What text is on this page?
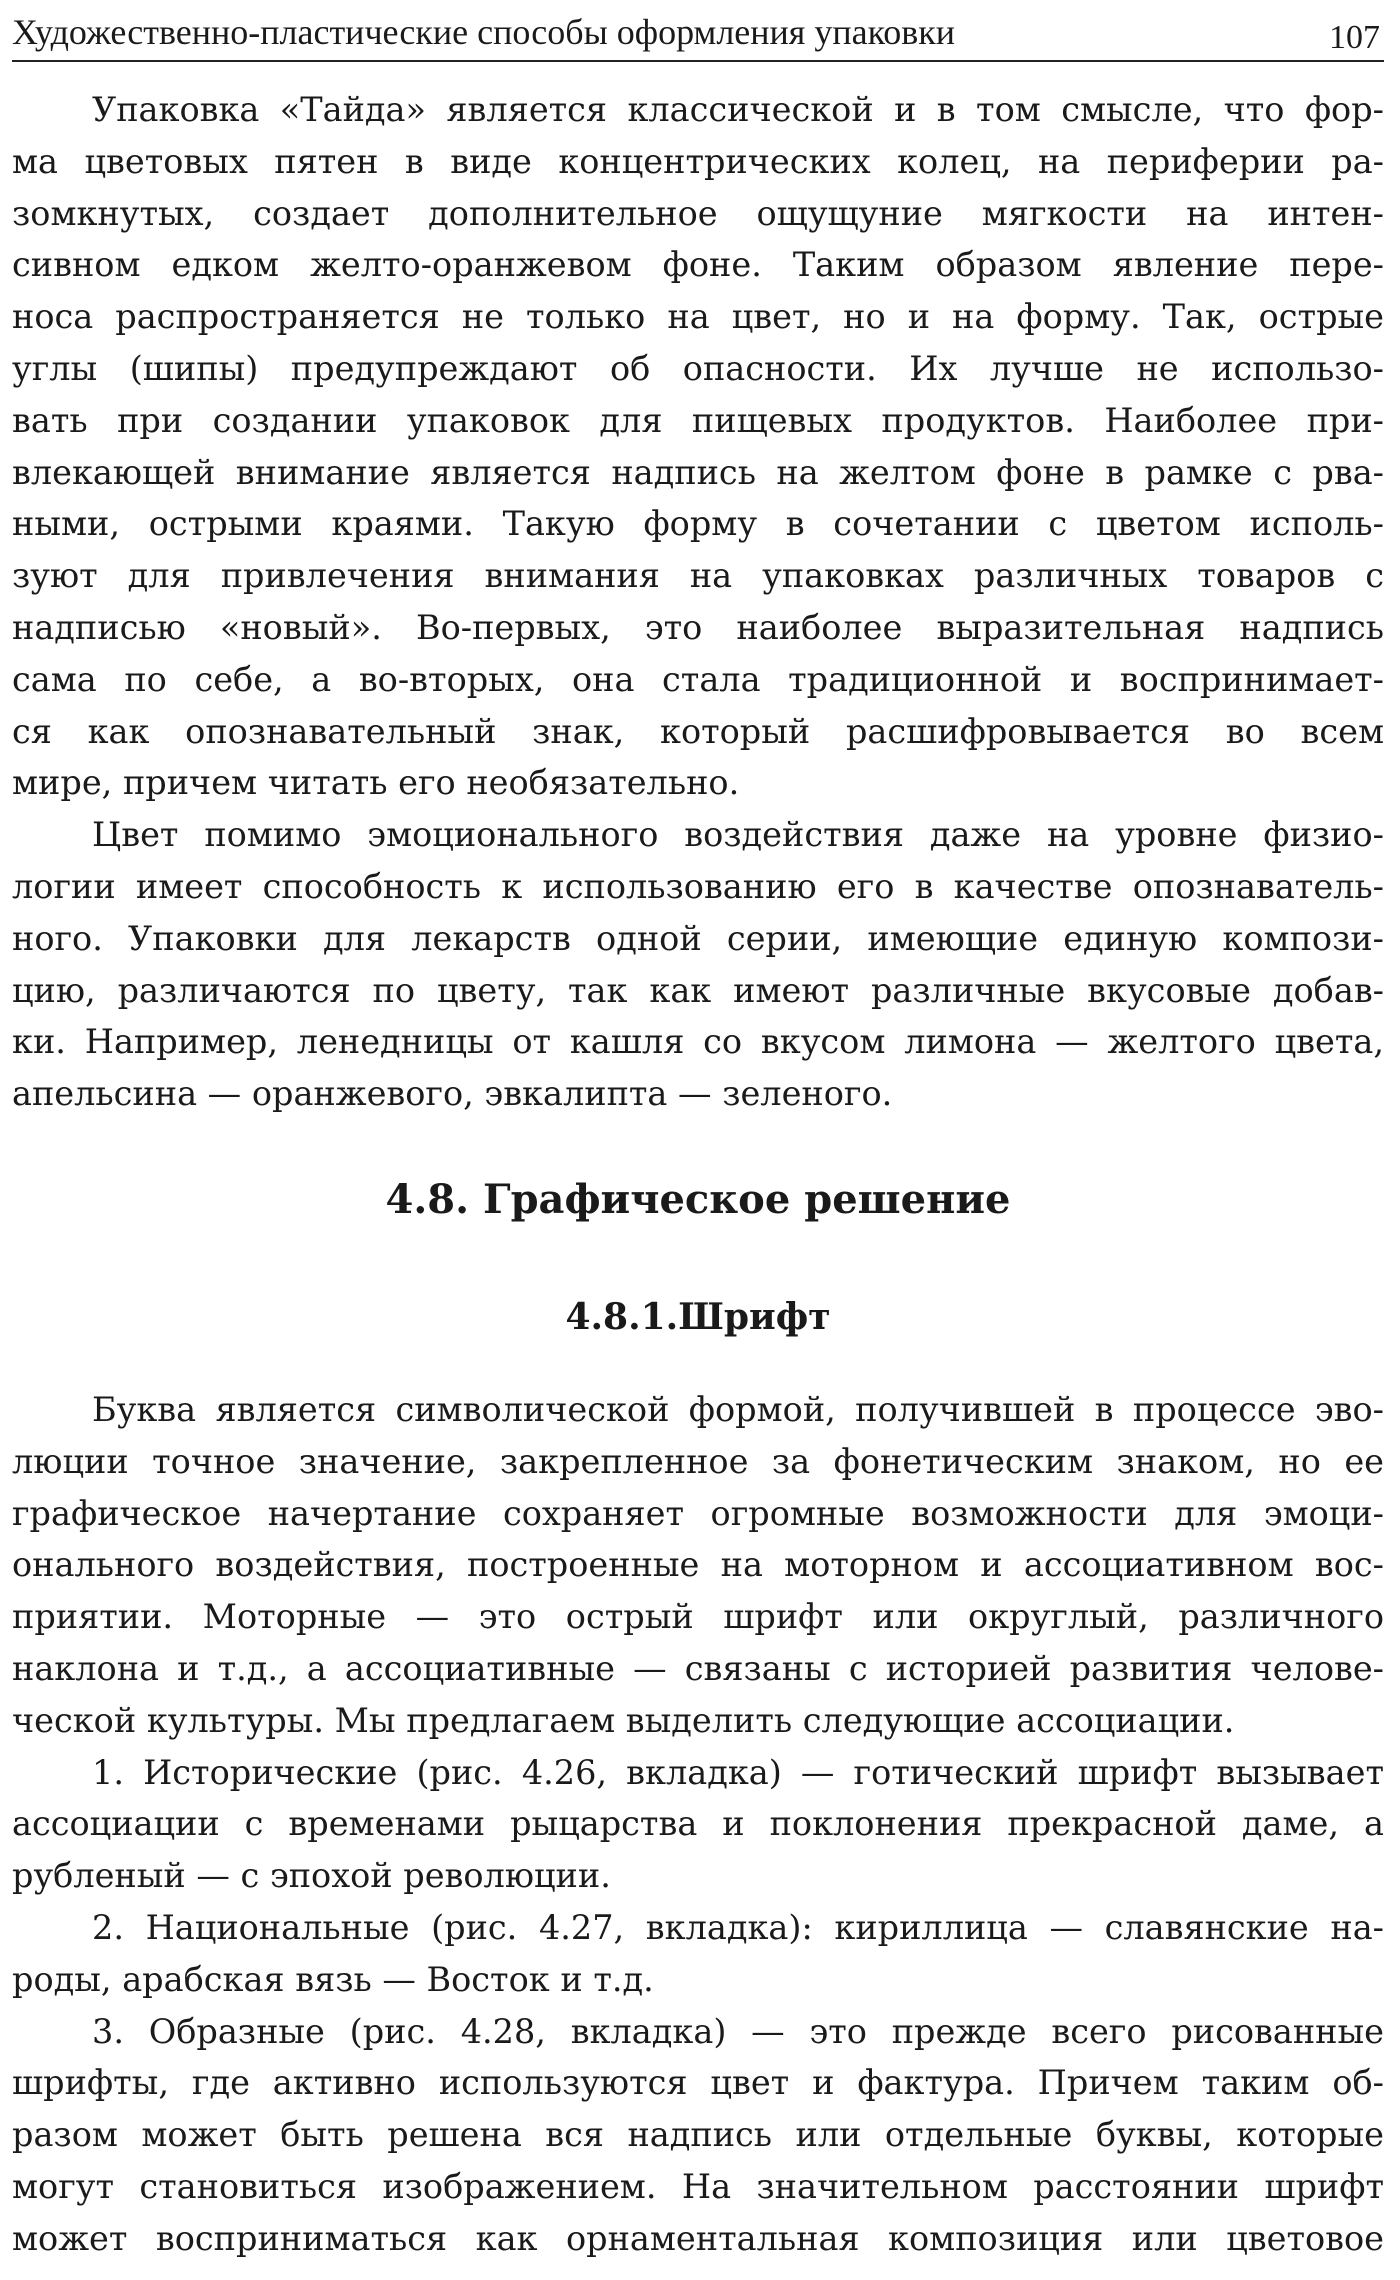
Художественно-пластические способы оформления упаковки	107
Упаковка «Тайда» является классической и в том смысле, что фор-
ма цветовых пятен в виде концентрических колец, на периферии ра-
зомкнутых, создает дополнительное ощущуние мягкости на интен-
сивном едком желто-оранжевом фоне. Таким образом явление пере-
носа распространяется не только на цвет, но и на форму. Так, острые
углы (шипы) предупреждают об опасности. Их лучше не использо-
вать при создании упаковок для пищевых продуктов. Наиболее при-
влекающей внимание является надпись на желтом фоне в рамке с рва-
ными, острыми краями. Такую форму в сочетании с цветом исполь-
зуют для привлечения внимания на упаковках различных товаров с
надписью «новый». Во-первых, это наиболее выразительная надпись
сама по себе, а во-вторых, она стала традиционной и воспринимает-
ся как опознавательный знак, который расшифровывается во всем
мире, причем читать его необязательно.
Цвет помимо эмоционального воздействия даже на уровне физио-
логии имеет способность к использованию его в качестве опознаватель-
ного. Упаковки для лекарств одной серии, имеющие единую компози-
цию, различаются по цвету, так как имеют различные вкусовые добав-
ки. Например, ленедницы от кашля со вкусом лимона — желтого цвета,
апельсина — оранжевого, эвкалипта — зеленого.
4.8. Графическое решение
4.8.1.Шрифт
Буква является символической формой, получившей в процессе эво-
люции точное значение, закрепленное за фонетическим знаком, но ее
графическое начертание сохраняет огромные возможности для эмоци-
онального воздействия, построенные на моторном и ассоциативном вос-
приятии. Моторные — это острый шрифт или округлый, различного
наклона и т.д., а ассоциативные — связаны с историей развития челове-
ческой культуры. Мы предлагаем выделить следующие ассоциации.
1. Исторические (рис. 4.26, вкладка) — готический шрифт вызывает
ассоциации с временами рыцарства и поклонения прекрасной даме, а
рубленый — с эпохой революции.
2. Национальные (рис. 4.27, вкладка): кириллица — славянские на-
роды, арабская вязь — Восток и т.д.
3. Образные (рис. 4.28, вкладка) — это прежде всего рисованные
шрифты, где активно используются цвет и фактура. Причем таким об-
разом может быть решена вся надпись или отдельные буквы, которые
могут становиться изображением. На значительном расстоянии шрифт
может восприниматься как орнаментальная композиция или цветовое
